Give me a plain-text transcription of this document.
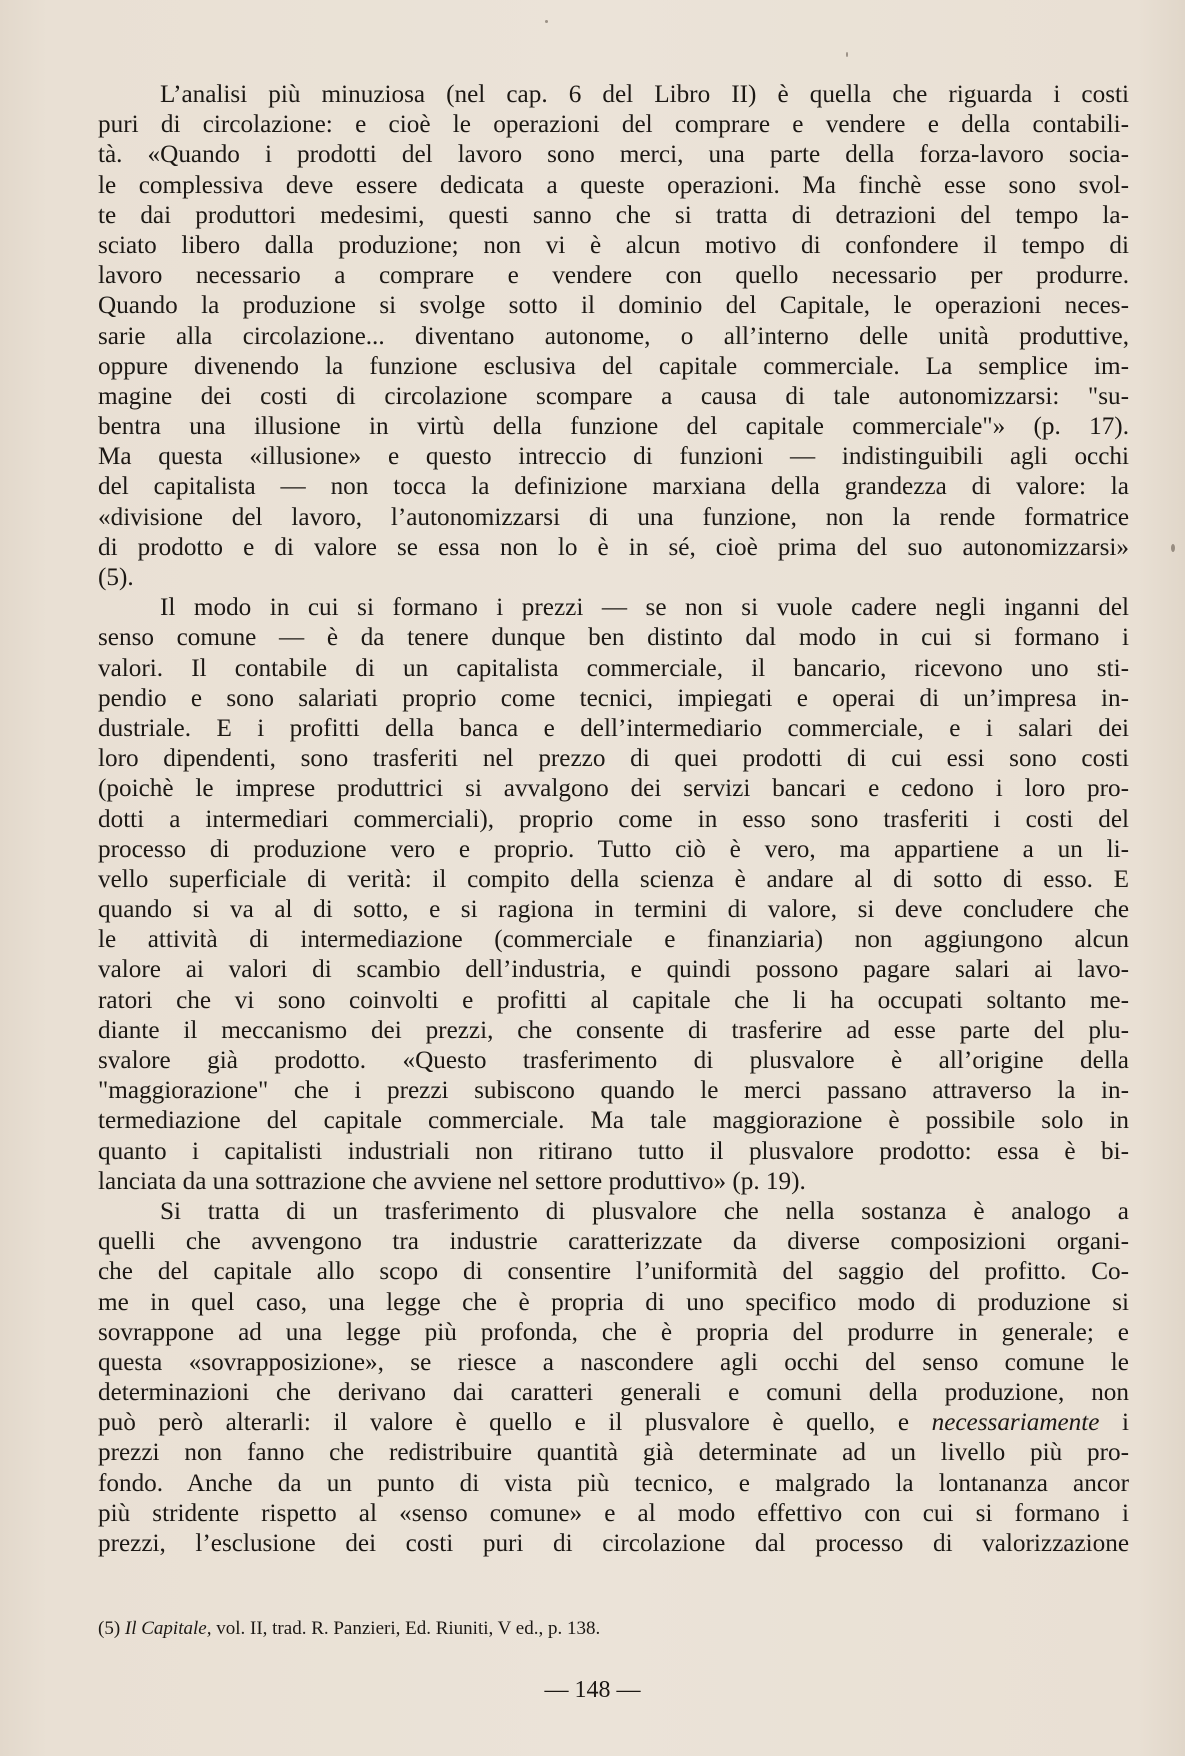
L’analisi più minuziosa (nel cap. 6 del Libro II) è quella che riguarda i costi
puri di circolazione: e cioè le operazioni del comprare e vendere e della contabili-
tà. «Quando i prodotti del lavoro sono merci, una parte della forza-lavoro socia-
le complessiva deve essere dedicata a queste operazioni. Ma finchè esse sono svol-
te dai produttori medesimi, questi sanno che si tratta di detrazioni del tempo la-
sciato libero dalla produzione; non vi è alcun motivo di confondere il tempo di
lavoro necessario a comprare e vendere con quello necessario per produrre.
Quando la produzione si svolge sotto il dominio del Capitale, le operazioni neces-
sarie alla circolazione... diventano autonome, o all’interno delle unità produttive,
oppure divenendo la funzione esclusiva del capitale commerciale. La semplice im-
magine dei costi di circolazione scompare a causa di tale autonomizzarsi: "su-
bentra una illusione in virtù della funzione del capitale commerciale"» (p. 17).
Ma questa «illusione» e questo intreccio di funzioni — indistinguibili agli occhi
del capitalista — non tocca la definizione marxiana della grandezza di valore: la
«divisione del lavoro, l’autonomizzarsi di una funzione, non la rende formatrice
di prodotto e di valore se essa non lo è in sé, cioè prima del suo autonomizzarsi»
(5).
Il modo in cui si formano i prezzi — se non si vuole cadere negli inganni del
senso comune — è da tenere dunque ben distinto dal modo in cui si formano i
valori. Il contabile di un capitalista commerciale, il bancario, ricevono uno sti-
pendio e sono salariati proprio come tecnici, impiegati e operai di un’impresa in-
dustriale. E i profitti della banca e dell’intermediario commerciale, e i salari dei
loro dipendenti, sono trasferiti nel prezzo di quei prodotti di cui essi sono costi
(poichè le imprese produttrici si avvalgono dei servizi bancari e cedono i loro pro-
dotti a intermediari commerciali), proprio come in esso sono trasferiti i costi del
processo di produzione vero e proprio. Tutto ciò è vero, ma appartiene a un li-
vello superficiale di verità: il compito della scienza è andare al di sotto di esso. E
quando si va al di sotto, e si ragiona in termini di valore, si deve concludere che
le attività di intermediazione (commerciale e finanziaria) non aggiungono alcun
valore ai valori di scambio dell’industria, e quindi possono pagare salari ai lavo-
ratori che vi sono coinvolti e profitti al capitale che li ha occupati soltanto me-
diante il meccanismo dei prezzi, che consente di trasferire ad esse parte del plu-
svalore già prodotto. «Questo trasferimento di plusvalore è all’origine della
"maggiorazione" che i prezzi subiscono quando le merci passano attraverso la in-
termediazione del capitale commerciale. Ma tale maggiorazione è possibile solo in
quanto i capitalisti industriali non ritirano tutto il plusvalore prodotto: essa è bi-
lanciata da una sottrazione che avviene nel settore produttivo» (p. 19).
Si tratta di un trasferimento di plusvalore che nella sostanza è analogo a
quelli che avvengono tra industrie caratterizzate da diverse composizioni organi-
che del capitale allo scopo di consentire l’uniformità del saggio del profitto. Co-
me in quel caso, una legge che è propria di uno specifico modo di produzione si
sovrappone ad una legge più profonda, che è propria del produrre in generale; e
questa «sovrapposizione», se riesce a nascondere agli occhi del senso comune le
determinazioni che derivano dai caratteri generali e comuni della produzione, non
può però alterarli: il valore è quello e il plusvalore è quello, e necessariamente i
prezzi non fanno che redistribuire quantità già determinate ad un livello più pro-
fondo. Anche da un punto di vista più tecnico, e malgrado la lontananza ancor
più stridente rispetto al «senso comune» e al modo effettivo con cui si formano i
prezzi, l’esclusione dei costi puri di circolazione dal processo di valorizzazione
(5) Il Capitale, vol. II, trad. R. Panzieri, Ed. Riuniti, V ed., p. 138.
— 148 —
